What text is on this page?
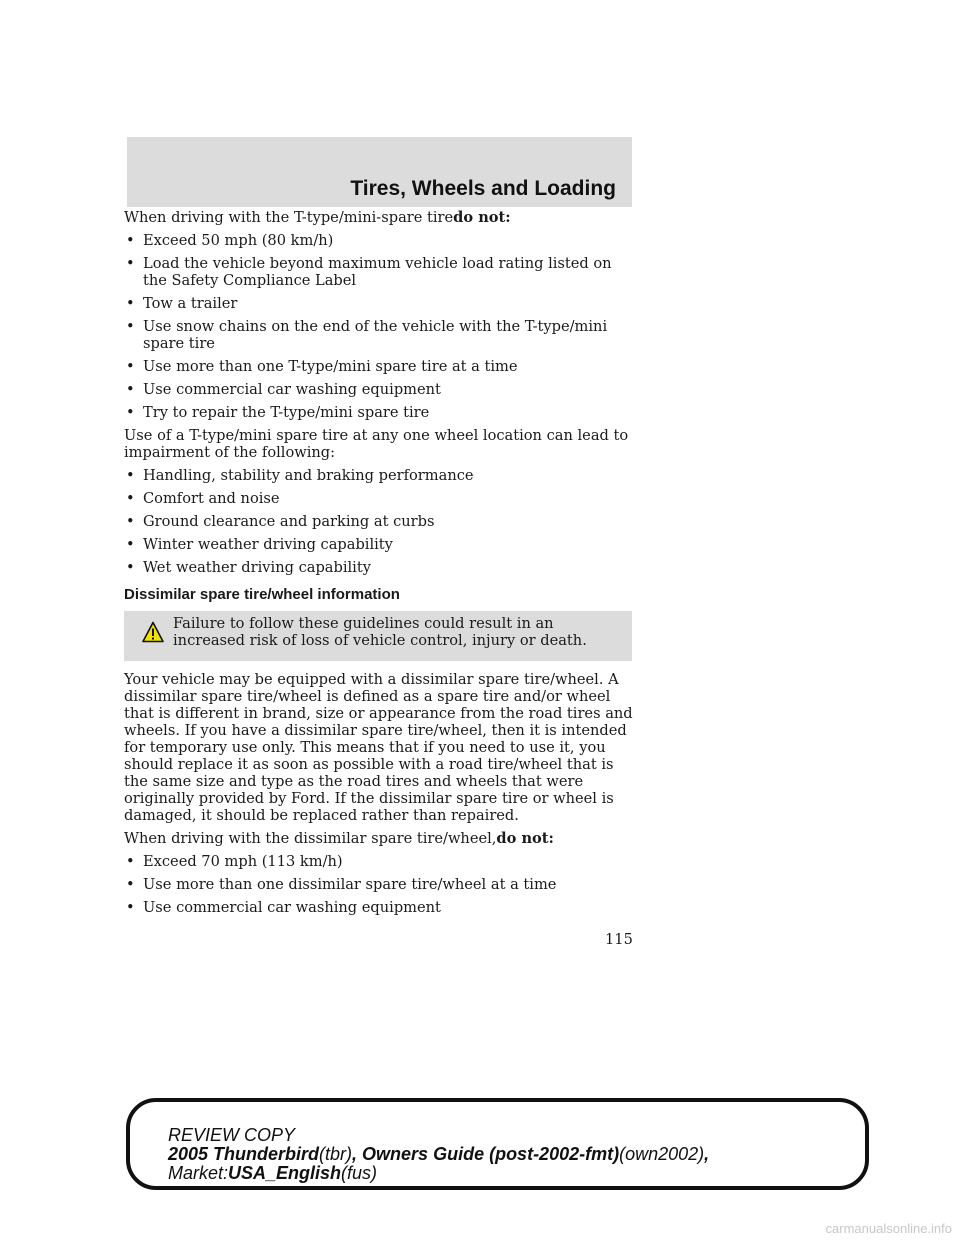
Tires, Wheels and Loading

When driving with the T-type/mini-spare tiredo not:

• Exceed 50 mph (80 km/h)
• Load the vehicle beyond maximum vehicle load rating listed on the Safety Compliance Label
• Tow a trailer
• Use snow chains on the end of the vehicle with the T-type/mini spare tire
• Use more than one T-type/mini spare tire at a time
• Use commercial car washing equipment
• Try to repair the T-type/mini spare tire

Use of a T-type/mini spare tire at any one wheel location can lead to impairment of the following:

• Handling, stability and braking performance
• Comfort and noise
• Ground clearance and parking at curbs
• Winter weather driving capability
• Wet weather driving capability
Dissimilar spare tire/wheel information
Failure to follow these guidelines could result in an increased risk of loss of vehicle control, injury or death.

Your vehicle may be equipped with a dissimilar spare tire/wheel. A dissimilar spare tire/wheel is defined as a spare tire and/or wheel that is different in brand, size or appearance from the road tires and wheels. If you have a dissimilar spare tire/wheel, then it is intended for temporary use only. This means that if you need to use it, you should replace it as soon as possible with a road tire/wheel that is the same size and type as the road tires and wheels that were originally provided by Ford. If the dissimilar spare tire or wheel is damaged, it should be replaced rather than repaired.

When driving with the dissimilar spare tire/wheel,do not:

• Exceed 70 mph (113 km/h)
• Use more than one dissimilar spare tire/wheel at a time
• Use commercial car washing equipment
115
REVIEW COPY
2005 Thunderbird(tbr), Owners Guide (post-2002-fmt)(own2002),
Market:USA_English(fus)
carmanualsonline.info
